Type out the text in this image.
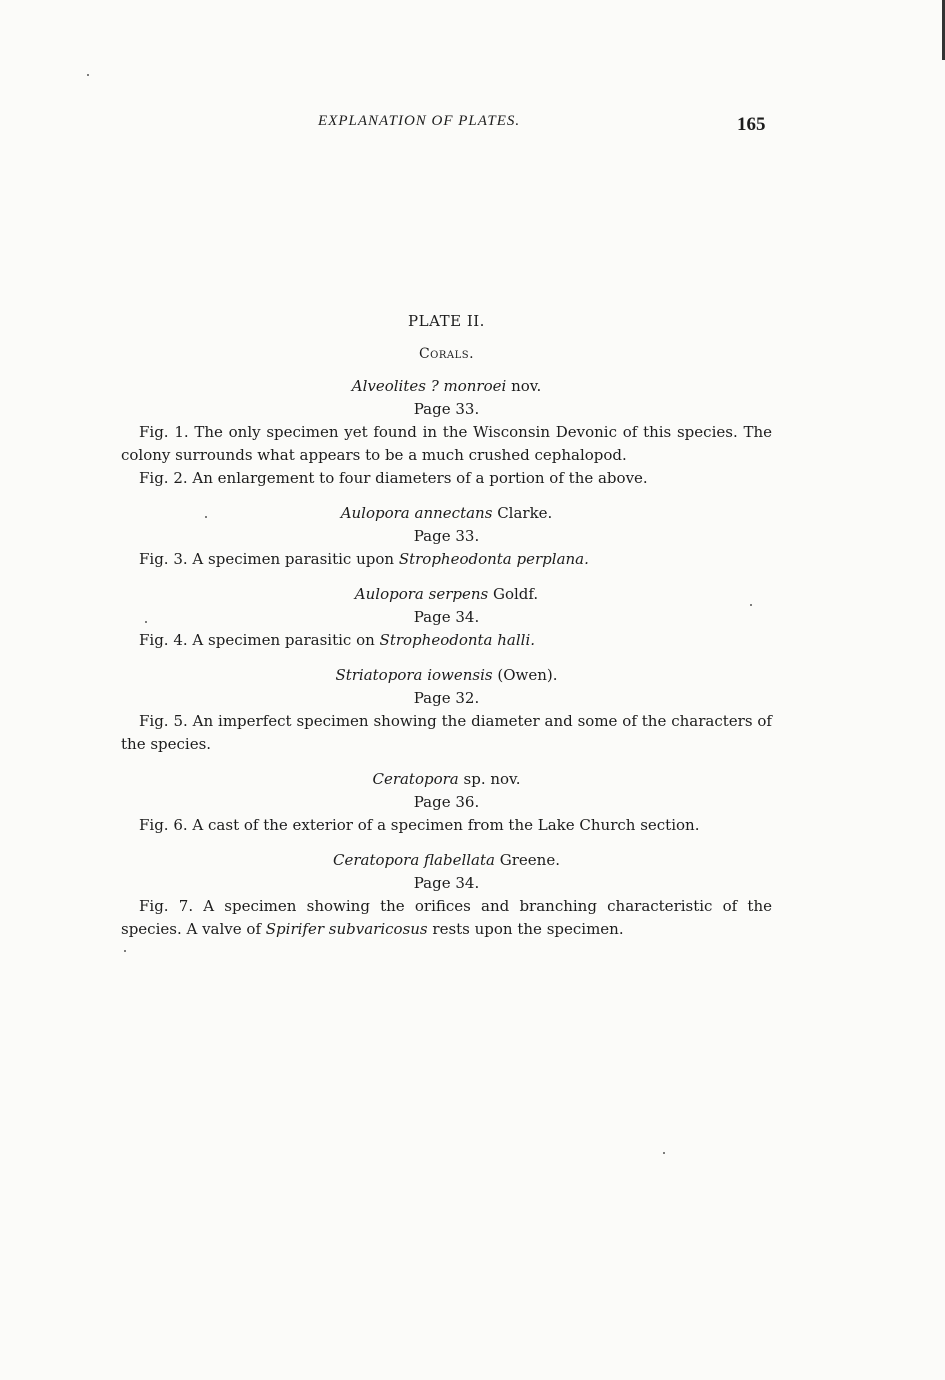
EXPLANATION OF PLATES.	165
PLATE II.
Corals.
Alveolites ? monroei nov.
Page 33.

Fig. 1. The only specimen yet found in the Wisconsin Devonic of this species. The colony surrounds what appears to be a much crushed cephalopod.

Fig. 2. An enlargement to four diameters of a portion of the above.

Aulopora annectans Clarke.
Page 33.

Fig. 3. A specimen parasitic upon Stropheodonta perplana.

Aulopora serpens Goldf.
Page 34.

Fig. 4. A specimen parasitic on Stropheodonta halli.

Striatopora iowensis (Owen).
Page 32.

Fig. 5. An imperfect specimen showing the diameter and some of the characters of the species.

Ceratopora sp. nov.
Page 36.

Fig. 6. A cast of the exterior of a specimen from the Lake Church section.

Ceratopora flabellata Greene.
Page 34.

Fig. 7. A specimen showing the orifices and branching characteristic of the species. A valve of Spirifer subvaricosus rests upon the specimen.
